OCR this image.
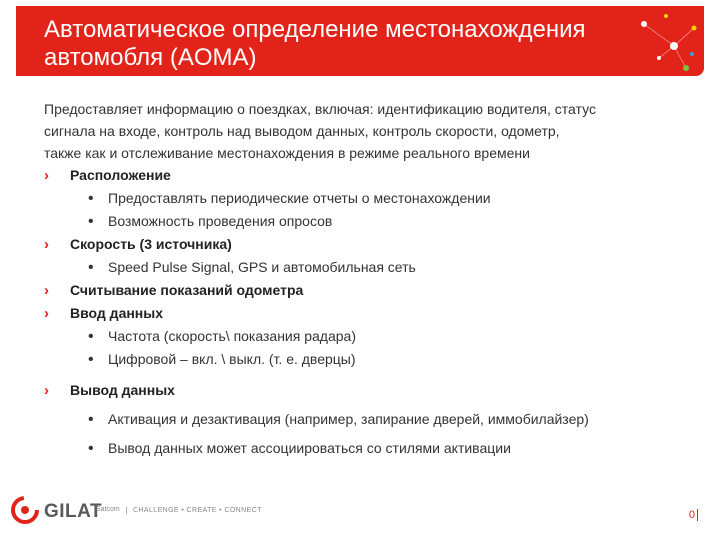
Автоматическое определение местонахождения
автомобля (AOMA)
Предоставляет информацию о поездках, включая: идентификацию водителя, статус
сигнала на входе, контроль над выводом данных, контроль скорости, одометр,
также как и отслеживание местонахождения в режиме реального времени
› Расположение
• Предоставлять периодические отчеты о местонахождении
• Возможность проведения опросов
› Скорость (3 источника)
• Speed Pulse Signal, GPS и автомобильная сеть
› Считывание показаний одометра
› Ввод данных
• Частота (скорость\ показания радара)
• Цифровой – вкл. \ выкл. (т. е. дверцы)
› Вывод данных
• Активация и дезактивация (например, запирание дверей, иммобилайзер)
• Вывод данных может ассоциироваться со стилями активации
GILAT
Satcom	CHALLENGE • CREATE • CONNECT	0
